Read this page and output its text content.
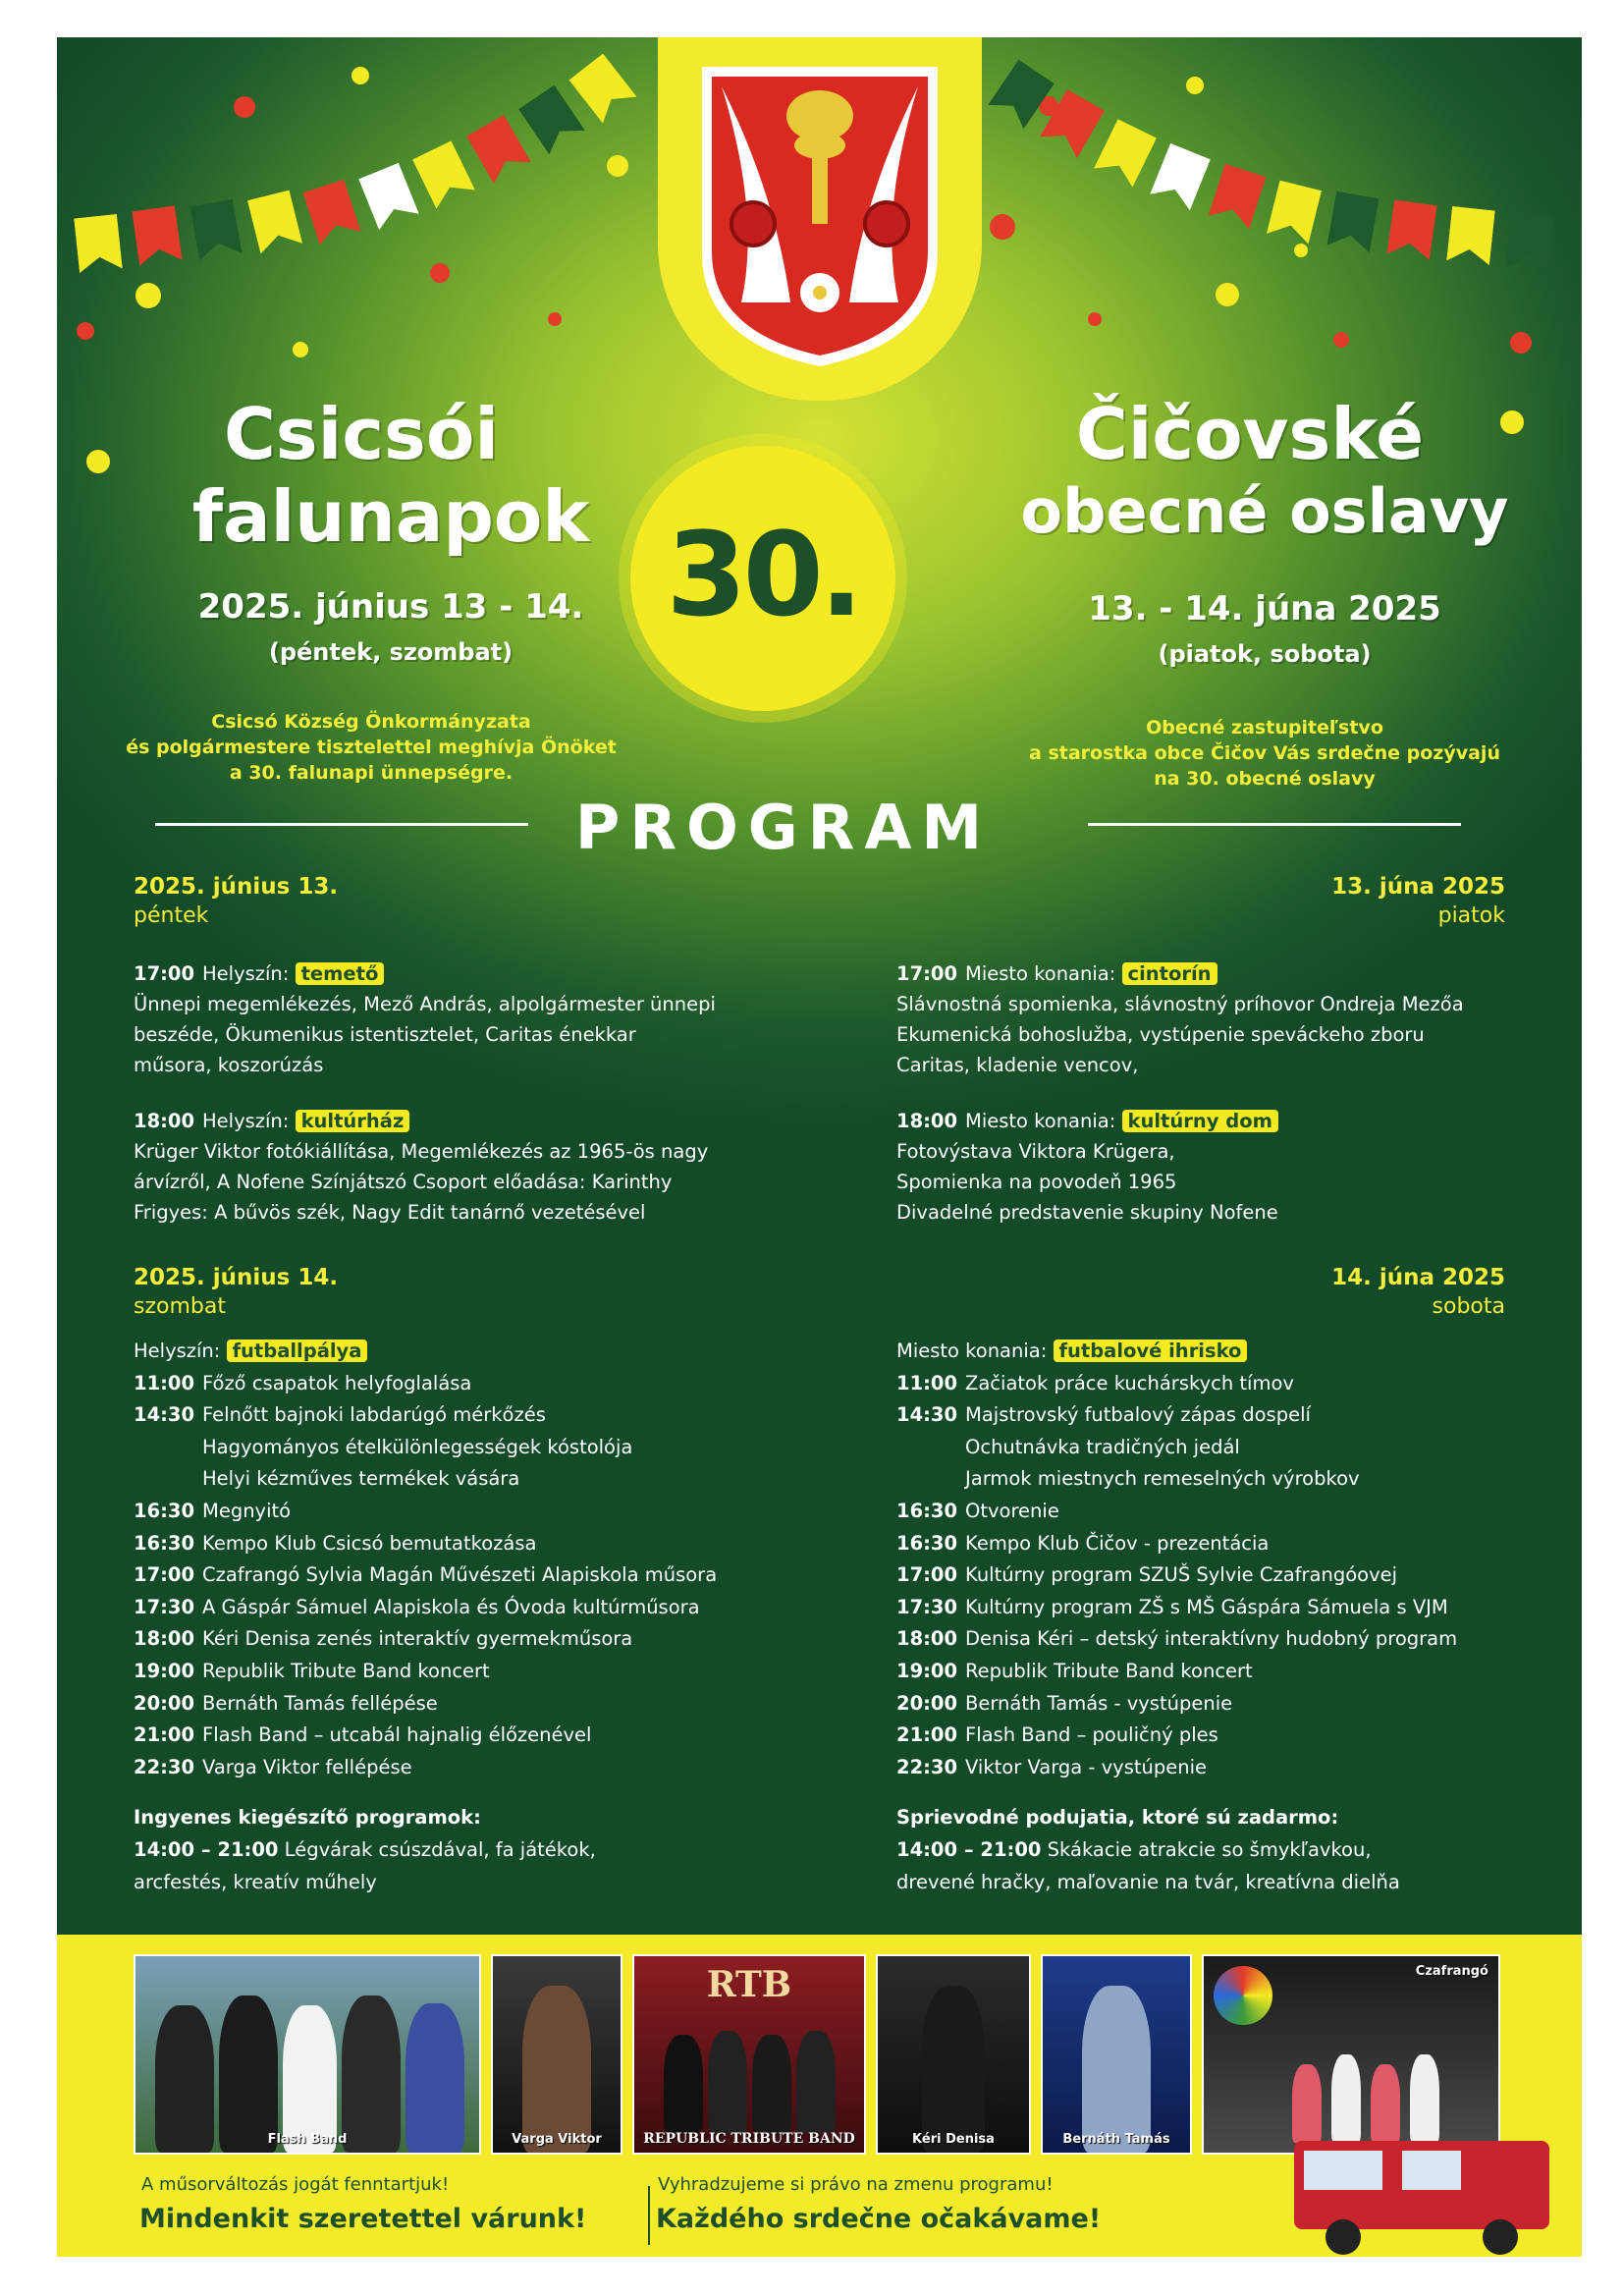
Csicsói
falunapok
2025. június 13 - 14.
(péntek, szombat)
Čičovské
obecné oslavy
13. - 14. júna 2025
(piatok, sobota)
30.
Csicsó Község Önkormányzata
és polgármestere tisztelettel meghívja Önöket
a 30. falunapi ünnepségre.
Obecné zastupiteľstvo
a starostka obce Čičov Vás srdečne pozývajú
na 30. obecné oslavy
PROGRAM
2025. június 13.
péntek
13. júna 2025
piatok
17:00 Helyszín: temető
Ünnepi megemlékezés, Mező András, alpolgármester ünnepi
beszéde, Ökumenikus istentisztelet, Caritas énekkar
műsora, koszorúzás
18:00 Helyszín: kultúrház
Krüger Viktor fotókiállítása, Megemlékezés az 1965-ös nagy
árvízről, A Nofene Színjátszó Csoport előadása: Karinthy
Frigyes: A bűvös szék, Nagy Edit tanárnő vezetésével
17:00 Miesto konania: cintorín
Slávnostná spomienka, slávnostný príhovor Ondreja Mezőa
Ekumenická bohoslužba, vystúpenie speváckeho zboru
Caritas, kladenie vencov,
18:00 Miesto konania: kultúrny dom
Fotovýstava Viktora Krügera,
Spomienka na povodeň 1965
Divadelné predstavenie skupiny Nofene
2025. június 14.
szombat
14. júna 2025
sobota
Helyszín: futballpálya
11:00 Főző csapatok helyfoglalása
14:30 Felnőtt bajnoki labdarúgó mérkőzés
Hagyományos ételkülönlegességek kóstolója
Helyi kézműves termékek vására
16:30 Megnyitó
16:30 Kempo Klub Csicsó bemutatkozása
17:00 Czafrangó Sylvia Magán Művészeti Alapiskola műsora
17:30 A Gáspár Sámuel Alapiskola és Óvoda kultúrműsora
18:00 Kéri Denisa zenés interaktív gyermekműsora
19:00 Republik Tribute Band koncert
20:00 Bernáth Tamás fellépése
21:00 Flash Band – utcabál hajnalig élőzenével
22:30 Varga Viktor fellépése
Miesto konania: futbalové ihrisko
11:00 Začiatok práce kuchárskych tímov
14:30 Majstrovský futbalový zápas dospelí
Ochutnávka tradičných jedál
Jarmok miestnych remeselných výrobkov
16:30 Otvorenie
16:30 Kempo Klub Čičov - prezentácia
17:00 Kultúrny program SZUŠ Sylvie Czafrangóovej
17:30 Kultúrny program ZŠ s MŠ Gáspára Sámuela s VJM
18:00 Denisa Kéri – detský interaktívny hudobný program
19:00 Republik Tribute Band koncert
20:00 Bernáth Tamás - vystúpenie
21:00 Flash Band – pouličný ples
22:30 Viktor Varga - vystúpenie
Ingyenes kiegészítő programok:
14:00 – 21:00 Légvárak csúszdával, fa játékok,
arcfestés, kreatív műhely
Sprievodné podujatia, ktoré sú zadarmo:
14:00 – 21:00 Skákacie atrakcie so šmykľavkou,
drevené hračky, maľovanie na tvár, kreatívna dielňa
Flash Band	Varga Viktor
RTB
REPUBLIC TRIBUTE BAND	Kéri Denisa	Bernáth Tamás
Czafrangó
A műsorváltozás jogát fenntartjuk!
Mindenkit szeretettel várunk!
Vyhradzujeme si právo na zmenu programu!
Každého srdečne očakávame!
